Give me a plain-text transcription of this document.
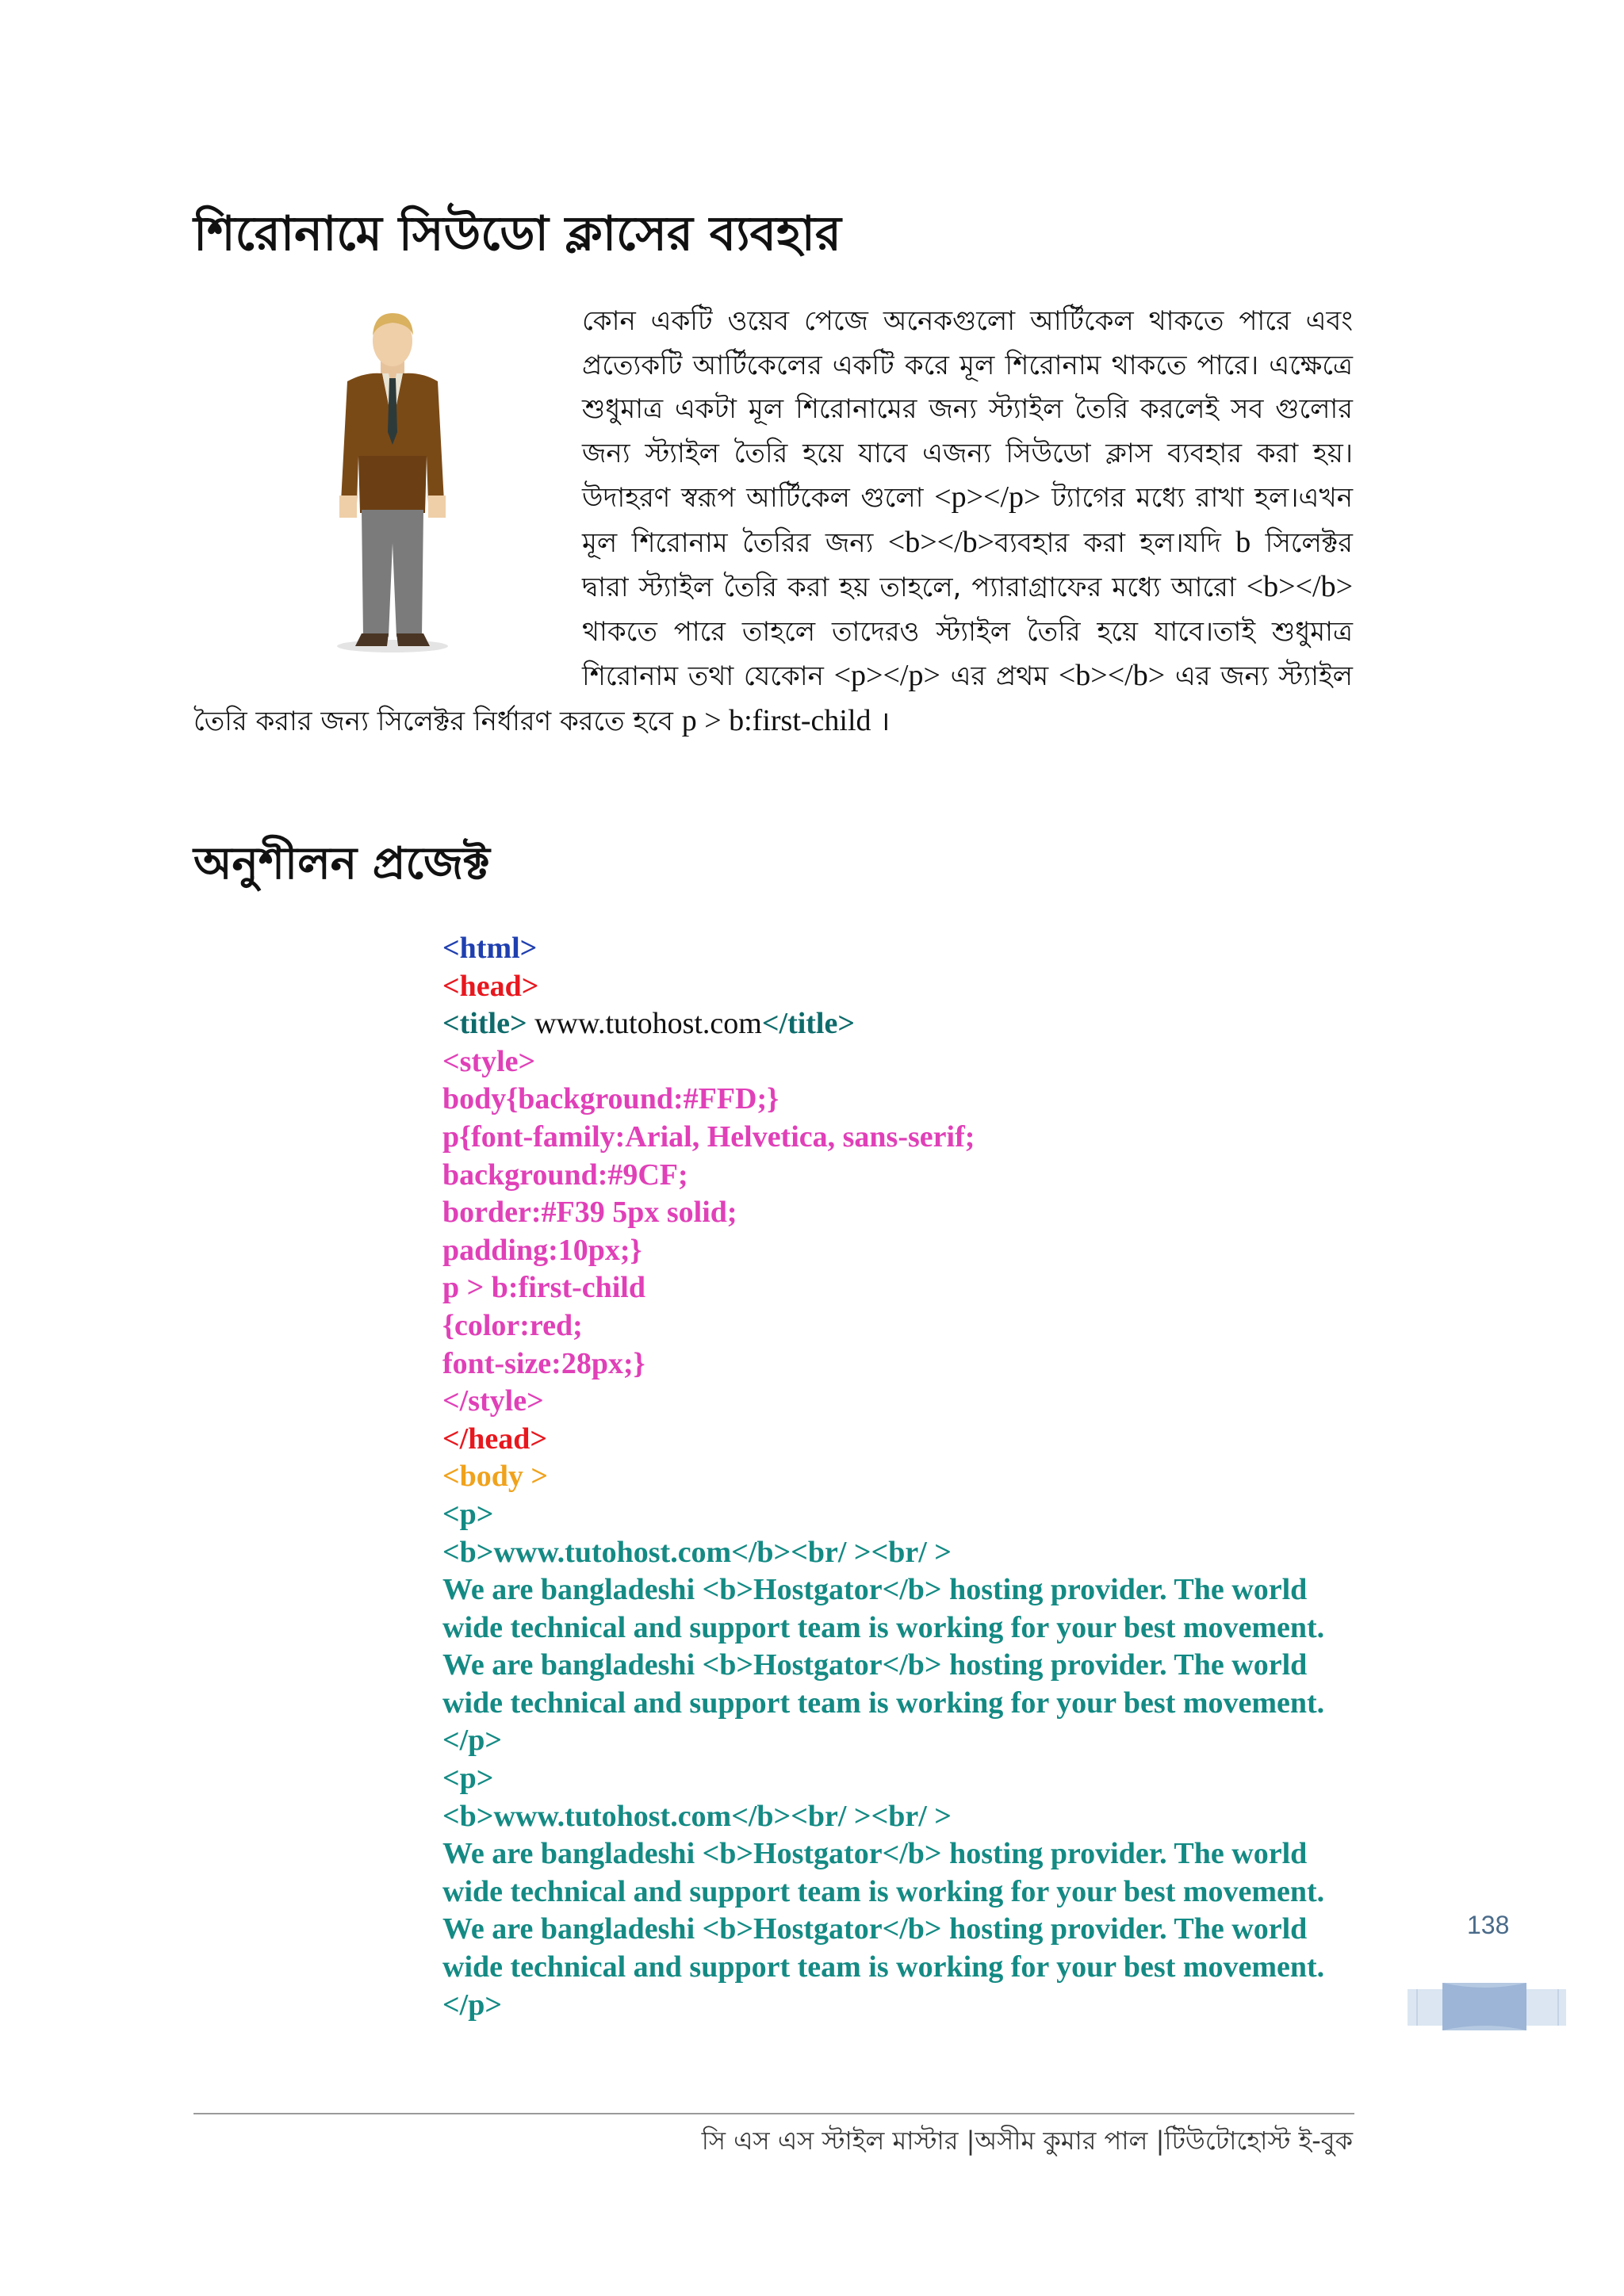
শিরোনামে সিউডো ক্লাসের ব্যবহার

কোন একটি ওয়েব পেজে অনেকগুলো আর্টিকেল থাকতে পারে এবং প্রত্যেকটি আর্টিকেলের একটি করে মূল শিরোনাম থাকতে পারে। এক্ষেত্রে শুধুমাত্র একটা মূল শিরোনামের জন্য স্ট্যাইল তৈরি করলেই সব গুলোর জন্য স্ট্যাইল তৈরি হয়ে যাবে এজন্য সিউডো ক্লাস ব্যবহার করা হয়। উদাহরণ স্বরূপ আর্টিকেল গুলো <p></p> ট্যাগের মধ্যে রাখা হল।এখন মূল শিরোনাম তৈরির জন্য <b></b>ব্যবহার করা হল।যদি b সিলেক্টর দ্বারা স্ট্যাইল তৈরি করা হয় তাহলে, প্যারাগ্রাফের মধ্যে আরো <b></b> থাকতে পারে তাহলে তাদেরও স্ট্যাইল তৈরি হয়ে যাবে।তাই শুধুমাত্র শিরোনাম তথা যেকোন <p></p> এর প্রথম <b></b> এর জন্য স্ট্যাইল তৈরি করার জন্য সিলেক্টর নির্ধারণ করতে হবে p > b:first-child ।

অনুশীলন প্রজেক্ট
<html>
<head>
<title> www.tutohost.com</title>
<style>
body{background:#FFD;}
p{font-family:Arial, Helvetica, sans-serif;
background:#9CF;
border:#F39 5px solid;
padding:10px;}
p > b:first-child
{color:red;
font-size:28px;}
</style>
</head>
<body >
<p>
<b>www.tutohost.com</b><br/ ><br/ >
We are bangladeshi <b>Hostgator</b> hosting provider. The world wide technical and support team is working for your best movement. We are bangladeshi <b>Hostgator</b> hosting provider. The world wide technical and support team is working for your best movement.
</p>
<p>
<b>www.tutohost.com</b><br/ ><br/ >
We are bangladeshi <b>Hostgator</b> hosting provider. The world wide technical and support team is working for your best movement. We are bangladeshi <b>Hostgator</b> hosting provider. The world wide technical and support team is working for your best movement.
</p>
138
সি এস এস স্টাইল মাস্টার |অসীম কুমার পাল |টিউটোহোস্ট ই-বুক
